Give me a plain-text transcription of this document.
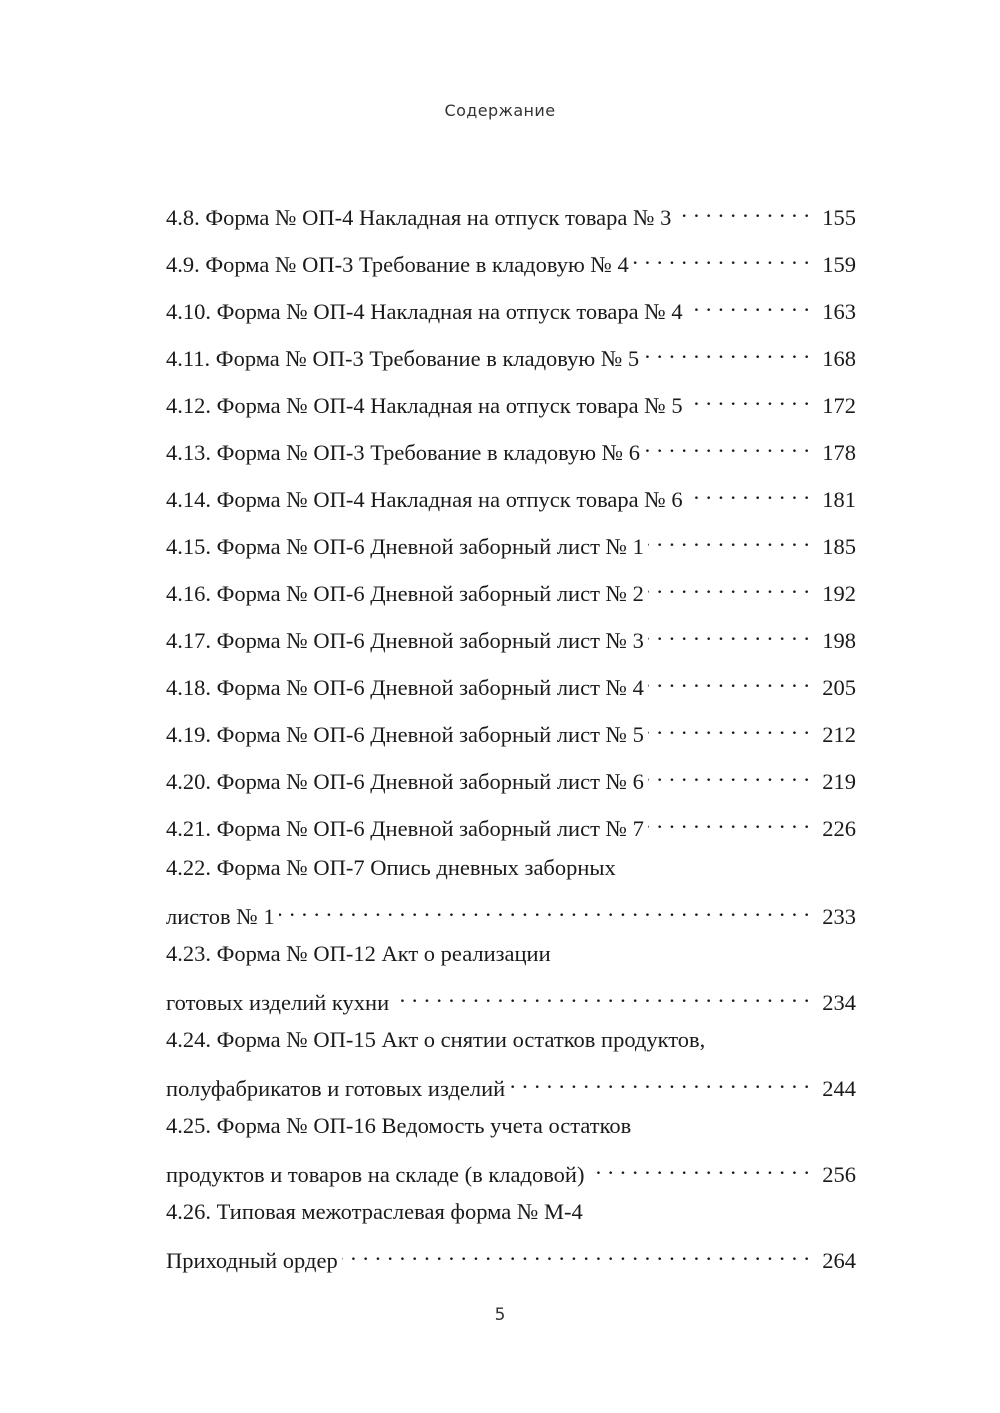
Содержание
4.8. Форма № ОП-4 Накладная на отпуск товара № 3 . . .	155
4.9. Форма № ОП-3 Требование в кладовую № 4 . . .	159
4.10. Форма № ОП-4 Накладная на отпуск товара № 4 . . .	163
4.11. Форма № ОП-3 Требование в кладовую № 5 . . .	168
4.12. Форма № ОП-4 Накладная на отпуск товара № 5 . . .	172
4.13. Форма № ОП-3 Требование в кладовую № 6 . . .	178
4.14. Форма № ОП-4 Накладная на отпуск товара № 6 . . .	181
4.15. Форма № ОП-6 Дневной заборный лист № 1 . . .	185
4.16. Форма № ОП-6 Дневной заборный лист № 2 . . .	192
4.17. Форма № ОП-6 Дневной заборный лист № 3 . . .	198
4.18. Форма № ОП-6 Дневной заборный лист № 4 . . .	205
4.19. Форма № ОП-6 Дневной заборный лист № 5 . . .	212
4.20. Форма № ОП-6 Дневной заборный лист № 6 . . .	219
4.21. Форма № ОП-6 Дневной заборный лист № 7 . . .	226
4.22. Форма № ОП-7 Опись дневных заборных
листов № 1 . . .	233
4.23. Форма № ОП-12 Акт о реализации
готовых изделий кухни . . .	234
4.24. Форма № ОП-15 Акт о снятии остатков продуктов,
полуфабрикатов и готовых изделий . . .	244
4.25. Форма № ОП-16 Ведомость учета остатков
продуктов и товаров на складе (в кладовой) . . .	256
4.26. Типовая межотраслевая форма № М-4
Приходный ордер . . .	264
5
